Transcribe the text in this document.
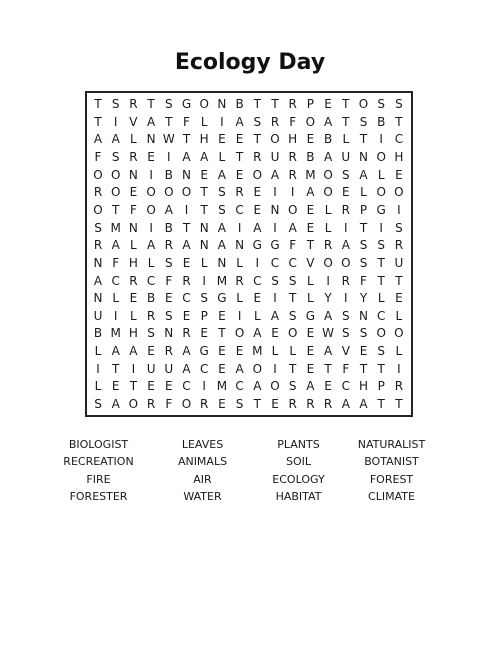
Ecology Day
T S R T S G O N B T T R P E T O S S
T	I V A T F L	I A S R F O A T S B T
A A L N W T H E E T O H E B L T	I C
F S R E	I A A L T R U R B A U N O H
O O N I B N E A E O A R M O S A L E
R O E O O O T S R E	I	I A O E L O O
O T F O A I	T S C E N O E L R P G I
S M N I B T N A I A I A E L	I	T	I	S
R A L A R A N A N G G F T R A S S R
N F H L S E L N L	I C C V O O S T U
A C R C F R I M R C S S L	I R F T T
N L E B E C S G L E	I	T L Y	I	Y L E
U I	L R S E P E	I	L A S G A S N C L
B M H S N R E T O A E O E W S S O O
L A A E R A G E E M L L E A V E S L
I	T	I U U A C E A O I	T E T F T T	I
L E T E E C I M C A O S A E C H P R
S A O R F O R E S T E R R R A A T T
BIOLOGIST	LEAVES	PLANTS	NATURALIST
RECREATION	ANIMALS	SOIL	BOTANIST
FIRE	AIR	ECOLOGY	FOREST
FORESTER	WATER	HABITAT	CLIMATE
